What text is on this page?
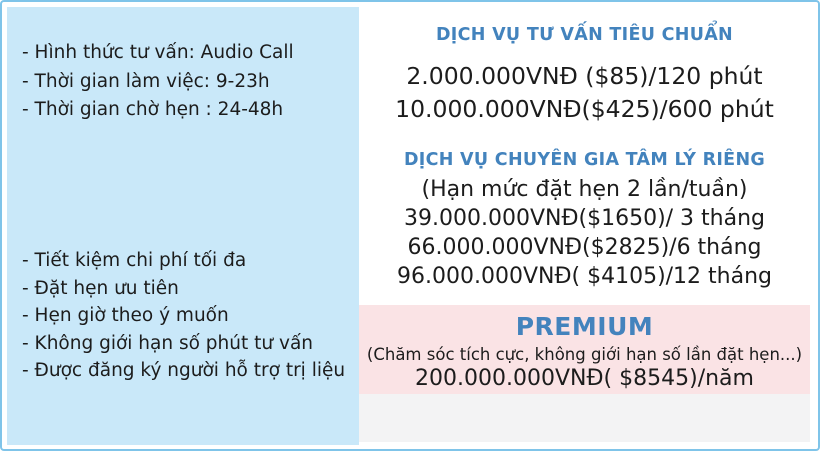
- Hình thức tư vấn: Audio Call
- Thời gian làm việc: 9-23h
- Thời gian chờ hẹn : 24-48h
- Tiết kiệm chi phí tối đa
- Đặt hẹn ưu tiên
- Hẹn giờ theo ý muốn
- Không giới hạn số phút tư vấn
- Được đăng ký người hỗ trợ trị liệu
DỊCH VỤ TƯ VẤN TIÊU CHUẨN
2.000.000VNĐ ($85)/120 phút
10.000.000VNĐ($425)/600 phút
DỊCH VỤ CHUYÊN GIA TÂM LÝ RIÊNG
(Hạn mức đặt hẹn 2 lần/tuần)
39.000.000VNĐ($1650)/ 3 tháng
66.000.000VNĐ($2825)/6 tháng
96.000.000VNĐ( $4105)/12 tháng
PREMIUM
(Chăm sóc tích cực, không giới hạn số lần đặt hẹn...)
200.000.000VNĐ( $8545)/năm
